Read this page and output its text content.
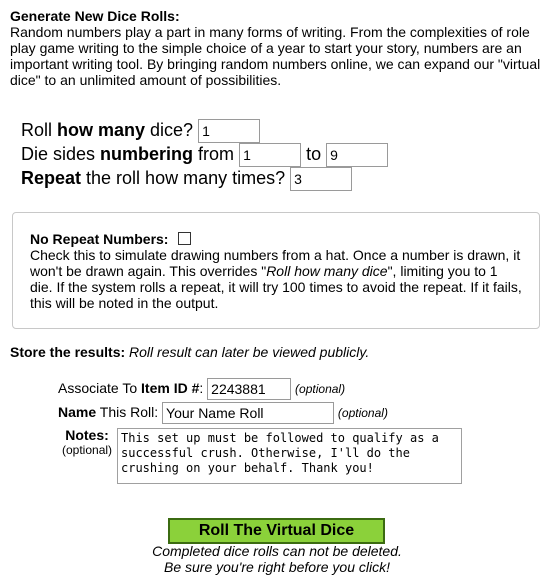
Generate New Dice Rolls:
Random numbers play a part in many forms of writing. From the complexities of role play game writing to the simple choice of a year to start your story, numbers are an important writing tool. By bringing random numbers online, we can expand our "virtual dice" to an unlimited amount of possibilities.
Roll how many dice? 1
Die sides numbering from 1	to 9
Repeat the roll how many times? 3
No Repeat Numbers:
Check this to simulate drawing numbers from a hat. Once a number is drawn, it won't be drawn again. This overrides "Roll how many dice", limiting you to 1 die. If the system rolls a repeat, it will try 100 times to avoid the repeat. If it fails, this will be noted in the output.
Store the results: Roll result can later be viewed publicly.
Associate To Item ID #: 2243881	(optional)
Name This Roll: Your Name Roll	(optional)
Notes:
(optional)
This set up must be followed to qualify as a successful crush. Otherwise, I'll do the crushing on your behalf. Thank you!
Roll The Virtual Dice
Completed dice rolls can not be deleted.
Be sure you're right before you click!
